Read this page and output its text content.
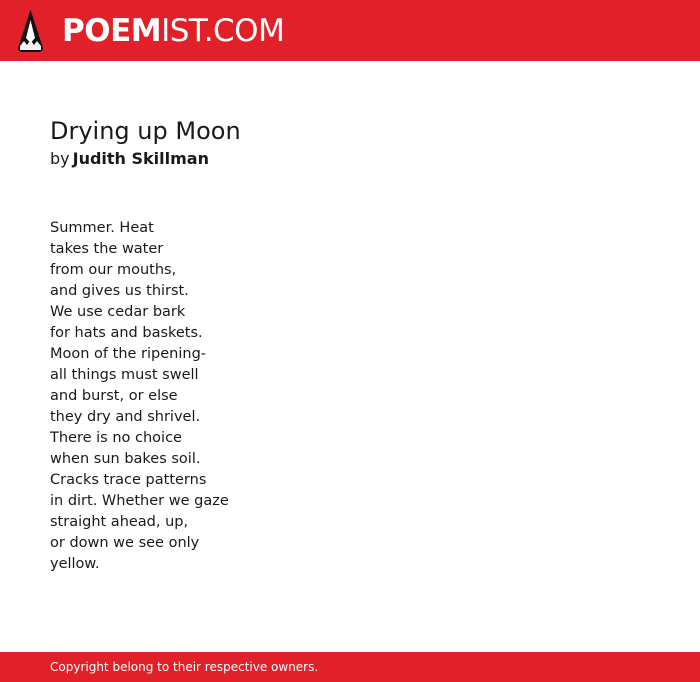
POEMIST.COM
Drying up Moon
by Judith Skillman
Summer. Heat
takes the water
from our mouths,
and gives us thirst.
We use cedar bark
for hats and baskets.
Moon of the ripening-
all things must swell
and burst, or else
they dry and shrivel.
There is no choice
when sun bakes soil.
Cracks trace patterns
in dirt. Whether we gaze
straight ahead, up,
or down we see only
yellow.
Copyright belong to their respective owners.
